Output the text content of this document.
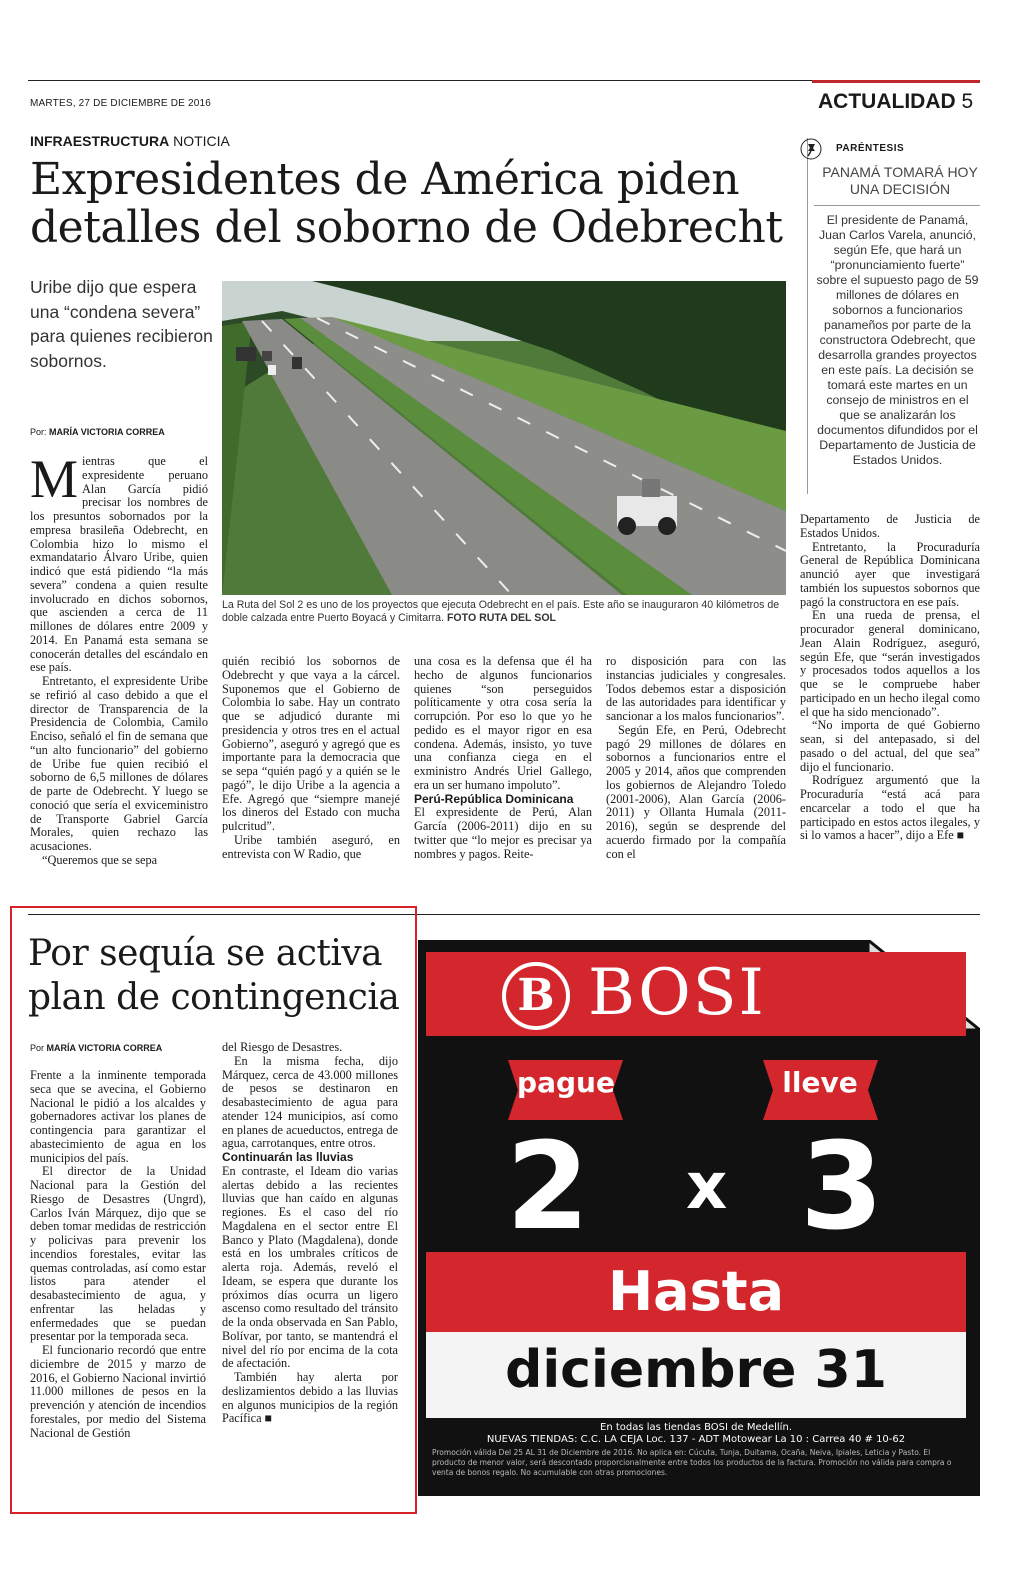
MARTES, 27 DE DICIEMBRE DE 2016	ACTUALIDAD 5
INFRAESTRUCTURA NOTICIA
Expresidentes de América piden
detalles del soborno de Odebrecht
Uribe dijo que espera una “condena severa” para quienes recibieron sobornos.
Por: MARÍA VICTORIA CORREA

Mientras que el expresidente peruano Alan García pidió precisar los nombres de los presuntos sobornados por la empresa brasileña Odebrecht, en Colombia hizo lo mismo el exmandatario Álvaro Uribe, quien indicó que está pidiendo “la más severa” condena a quien resulte involucrado en dichos sobornos, que ascienden a cerca de 11 millones de dólares entre 2009 y 2014. En Panamá esta semana se conocerán detalles del escándalo en ese país.

Entretanto, el expresidente Uribe se refirió al caso debido a que el director de Transparencia de la Presidencia de Colombia, Camilo Enciso, señaló el fin de semana que “un alto funcionario” del gobierno de Uribe fue quien recibió el soborno de 6,5 millones de dólares de parte de Odebrecht. Y luego se conoció que sería el exviceministro de Transporte Gabriel García Morales, quien rechazo las acusaciones.

“Queremos que se sepa

La Ruta del Sol 2 es uno de los proyectos que ejecuta Odebrecht en el país. Este año se inauguraron 40 kilómetros de doble calzada entre Puerto Boyacá y Cimitarra. FOTO RUTA DEL SOL

quién recibió los sobornos de Odebrecht y que vaya a la cárcel. Suponemos que el Gobierno de Colombia lo sabe. Hay un contrato que se adjudicó durante mi presidencia y otros tres en el actual Gobierno”, aseguró y agregó que es importante para la democracia que se sepa “quién pagó y a quién se le pagó”, le dijo Uribe a la agencia a Efe. Agregó que “siempre manejé los dineros del Estado con mucha pulcritud”.

Uribe también aseguró, en entrevista con W Radio, que

una cosa es la defensa que él ha hecho de algunos funcionarios quienes “son perseguidos políticamente y otra cosa sería la corrupción. Por eso lo que yo he pedido es el mayor rigor en esa condena. Además, insisto, yo tuve una confianza ciega en el exministro Andrés Uriel Gallego, era un ser humano impoluto”.

Perú-República Dominicana

El expresidente de Perú, Alan García (2006-2011) dijo en su twitter que “lo mejor es precisar ya nombres y pagos. Reite-

ro disposición para con las instancias judiciales y congresales. Todos debemos estar a disposición de las autoridades para identificar y sancionar a los malos funcionarios”.

Según Efe, en Perú, Odebrecht pagó 29 millones de dólares en sobornos a funcionarios entre el 2005 y 2014, años que comprenden los gobiernos de Alejandro Toledo (2001-2006), Alan García (2006-2011) y Ollanta Humala (2011-2016), según se desprende del acuerdo firmado por la compañía con el

Departamento de Justicia de Estados Unidos.

Entretanto, la Procuraduría General de República Dominicana anunció ayer que investigará también los supuestos sobornos que pagó la constructora en ese país.

En una rueda de prensa, el procurador general dominicano, Jean Alain Rodríguez, aseguró, según Efe, que “serán investigados y procesados todos aquellos a los que se le compruebe haber participado en un hecho ilegal como el que ha sido mencionado”.

“No importa de qué Gobierno sean, si del antepasado, si del pasado o del actual, del que sea” dijo el funcionario.

Rodríguez argumentó que la Procuraduría “está acá para encarcelar a todo el que ha participado en estos actos ilegales, y si lo vamos a hacer”, dijo a Efe ■

PARÉNTESIS
PANAMÁ TOMARÁ HOY UNA DECISIÓN
El presidente de Panamá, Juan Carlos Varela, anunció, según Efe, que hará un “pronunciamiento fuerte” sobre el supuesto pago de 59 millones de dólares en sobornos a funcionarios panameños por parte de la constructora Odebrecht, que desarrolla grandes proyectos en este país. La decisión se tomará este martes en un consejo de ministros en el que se analizarán los documentos difundidos por el Departamento de Justicia de Estados Unidos.
Por sequía se activa
plan de contingencia
Por MARÍA VICTORIA CORREA

Frente a la inminente temporada seca que se avecina, el Gobierno Nacional le pidió a los alcaldes y gobernadores activar los planes de contingencia para garantizar el abastecimiento de agua en los municipios del país.

El director de la Unidad Nacional para la Gestión del Riesgo de Desastres (Ungrd), Carlos Iván Márquez, dijo que se deben tomar medidas de restricción y policivas para prevenir los incendios forestales, evitar las quemas controladas, así como estar listos para atender el desabastecimiento de agua, y enfrentar las heladas y enfermedades que se puedan presentar por la temporada seca.

El funcionario recordó que entre diciembre de 2015 y marzo de 2016, el Gobierno Nacional invirtió 11.000 millones de pesos en la prevención y atención de incendios forestales, por medio del Sistema Nacional de Gestión

del Riesgo de Desastres.

En la misma fecha, dijo Márquez, cerca de 43.000 millones de pesos se destinaron en desabastecimiento de agua para atender 124 municipios, así como en planes de acueductos, entrega de agua, carrotanques, entre otros.

Continuarán las lluvias

En contraste, el Ideam dio varias alertas debido a las recientes lluvias que han caído en algunas regiones. Es el caso del río Magdalena en el sector entre El Banco y Plato (Magdalena), donde está en los umbrales críticos de alerta roja. Además, reveló el Ideam, se espera que durante los próximos días ocurra un ligero ascenso como resultado del tránsito de la onda observada en San Pablo, Bolívar, por tanto, se mantendrá el nivel del río por encima de la cota de afectación.

También hay alerta por deslizamientos debido a las lluvias en algunos municipios de la región Pacífica ■

B BOSI
pague	lleve
2 x 3
Hasta
diciembre 31
En todas las tiendas BOSI de Medellín.
NUEVAS TIENDAS: C.C. LA CEJA Loc. 137 - ADT Motowear La 10 : Carrea 40 # 10-62
Promoción válida Del 25 AL 31 de Diciembre de 2016. No aplica en: Cúcuta, Tunja, Duitama, Ocaña, Neiva, Ipiales, Leticia y Pasto. El producto de menor valor, será descontado proporcionalmente entre todos los productos de la factura. Promoción no válida para compra o venta de bonos regalo. No acumulable con otras promociones.
